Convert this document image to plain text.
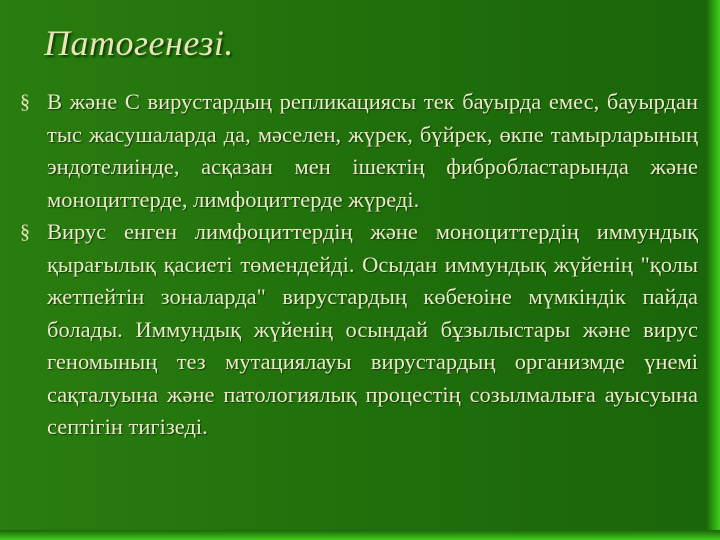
Патогенезі.
§ В және С вирустардың репликациясы тек бауырда емес, бауырдан тыс жасушаларда да, мәселен, жүрек, бүйрек, өкпе тамырларының эндотелиінде, асқазан мен ішектің фибробластарында және моноциттерде, лимфоциттерде жүреді.
§ Вирус енген лимфоциттердің және моноциттердің иммундық қырағылық қасиеті төмендейді. Осыдан иммундық жүйенің "қолы жетпейтін зоналарда" вирустардың көбеюіне мүмкіндік пайда болады. Иммундық жүйенің осындай бұзылыстары және вирус геномының тез мутациялауы вирустардың организмде үнемі сақталуына және патологиялық процестің созылмалыға ауысуына септігін тигізеді.
